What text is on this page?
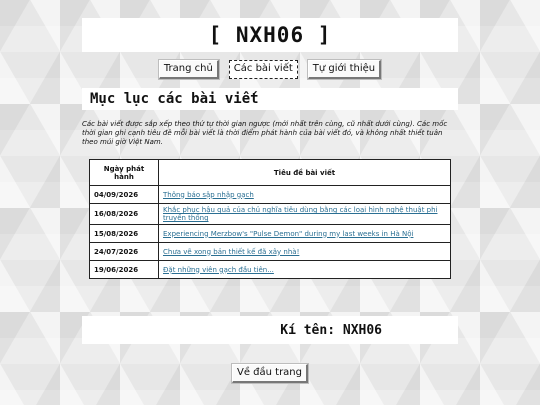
[ NXH06 ]
Trang chủ	Các bài viết	Tự giới thiệu
Mục lục các bài viết

Các bài viết được sắp xếp theo thứ tự thời gian ngược (mới nhất trên cùng, cũ nhất dưới cùng). Các mốc thời gian ghi cạnh tiêu đề mỗi bài viết là thời điểm phát hành của bài viết đó, và không nhất thiết tuân theo múi giờ Việt Nam.

Ngày phát hành	Tiêu đề bài viết
04/09/2026	Thông báo sập nhập gạch
16/08/2026	Khắc phục hậu quả của chủ nghĩa tiêu dùng bằng các loại hình nghệ thuật phi truyền thống
15/08/2026	Experiencing Merzbow's "Pulse Demon" during my last weeks in Hà Nội
24/07/2026	Chưa vẽ xong bản thiết kế đã xây nhà!
19/06/2026	Đặt những viên gạch đầu tiên...
Kí tên: NXH06
Về đầu trang
